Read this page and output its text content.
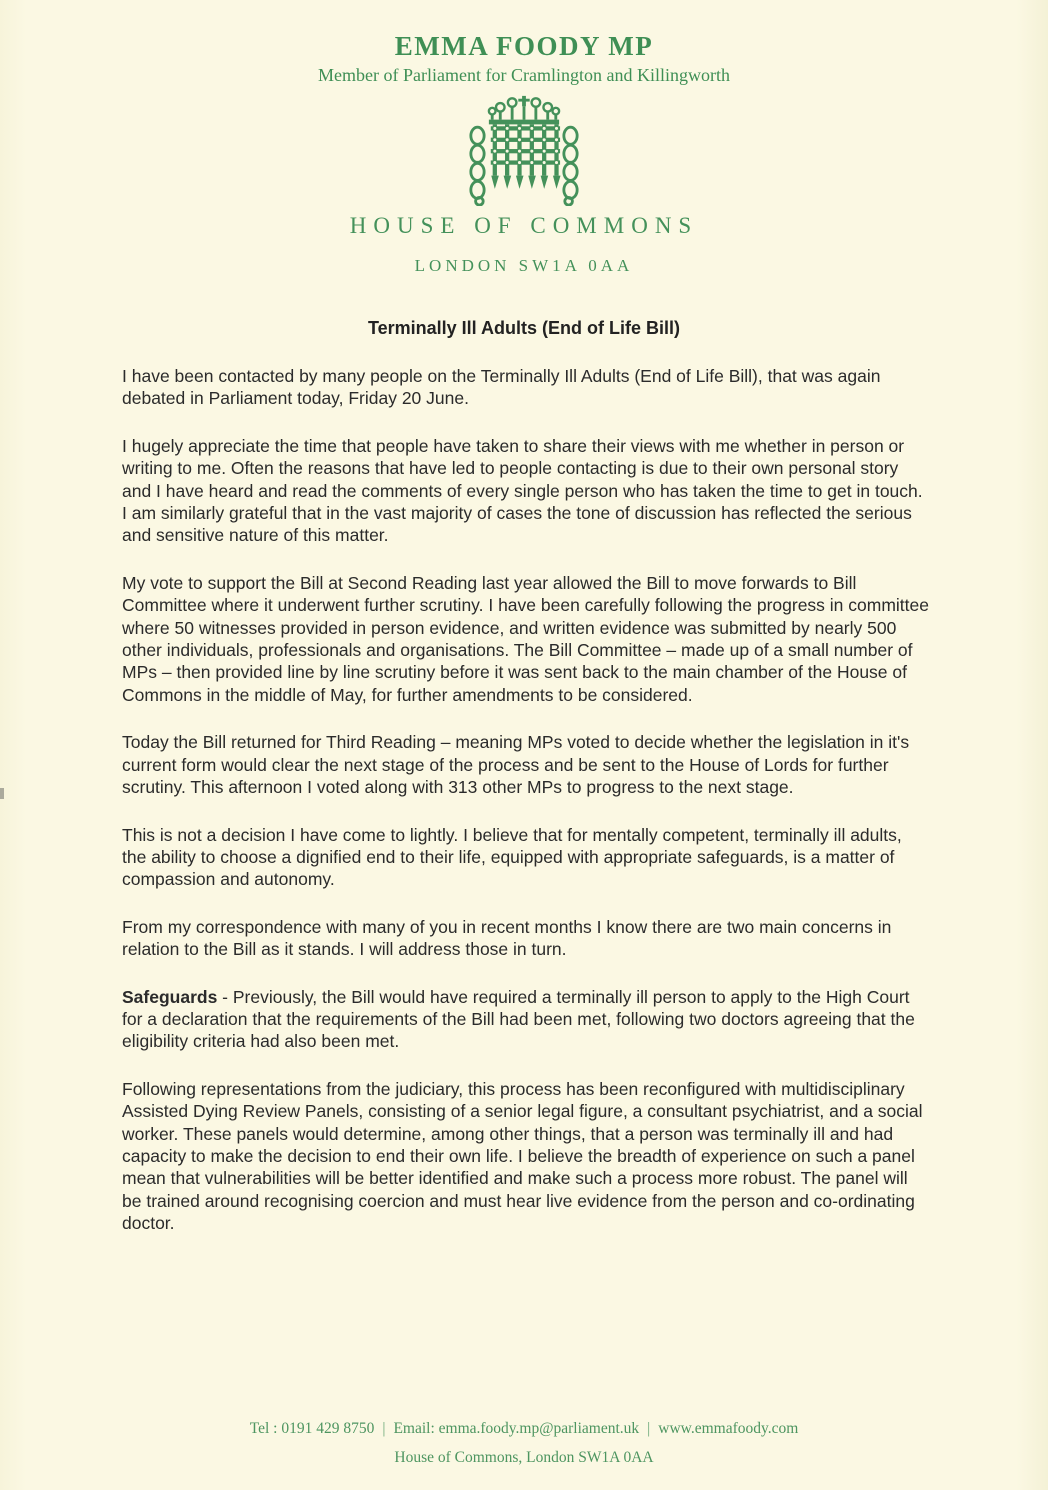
EMMA FOODY MP
Member of Parliament for Cramlington and Killingworth
HOUSE OF COMMONS
LONDON SW1A 0AA
Terminally Ill Adults (End of Life Bill)

I have been contacted by many people on the Terminally Ill Adults (End of Life Bill), that was again debated in Parliament today, Friday 20 June.

I hugely appreciate the time that people have taken to share their views with me whether in person or writing to me. Often the reasons that have led to people contacting is due to their own personal story and I have heard and read the comments of every single person who has taken the time to get in touch. I am similarly grateful that in the vast majority of cases the tone of discussion has reflected the serious and sensitive nature of this matter.

My vote to support the Bill at Second Reading last year allowed the Bill to move forwards to Bill Committee where it underwent further scrutiny. I have been carefully following the progress in committee where 50 witnesses provided in person evidence, and written evidence was submitted by nearly 500 other individuals, professionals and organisations. The Bill Committee – made up of a small number of MPs – then provided line by line scrutiny before it was sent back to the main chamber of the House of Commons in the middle of May, for further amendments to be considered.

Today the Bill returned for Third Reading – meaning MPs voted to decide whether the legislation in it's current form would clear the next stage of the process and be sent to the House of Lords for further scrutiny. This afternoon I voted along with 313 other MPs to progress to the next stage.

This is not a decision I have come to lightly. I believe that for mentally competent, terminally ill adults, the ability to choose a dignified end to their life, equipped with appropriate safeguards, is a matter of compassion and autonomy.

From my correspondence with many of you in recent months I know there are two main concerns in relation to the Bill as it stands. I will address those in turn.

Safeguards - Previously, the Bill would have required a terminally ill person to apply to the High Court for a declaration that the requirements of the Bill had been met, following two doctors agreeing that the eligibility criteria had also been met.

Following representations from the judiciary, this process has been reconfigured with multidisciplinary Assisted Dying Review Panels, consisting of a senior legal figure, a consultant psychiatrist, and a social worker. These panels would determine, among other things, that a person was terminally ill and had capacity to make the decision to end their own life. I believe the breadth of experience on such a panel mean that vulnerabilities will be better identified and make such a process more robust. The panel will be trained around recognising coercion and must hear live evidence from the person and co-ordinating doctor.

Tel : 0191 429 8750 | Email: emma.foody.mp@parliament.uk | www.emmafoody.com
House of Commons, London SW1A 0AA
